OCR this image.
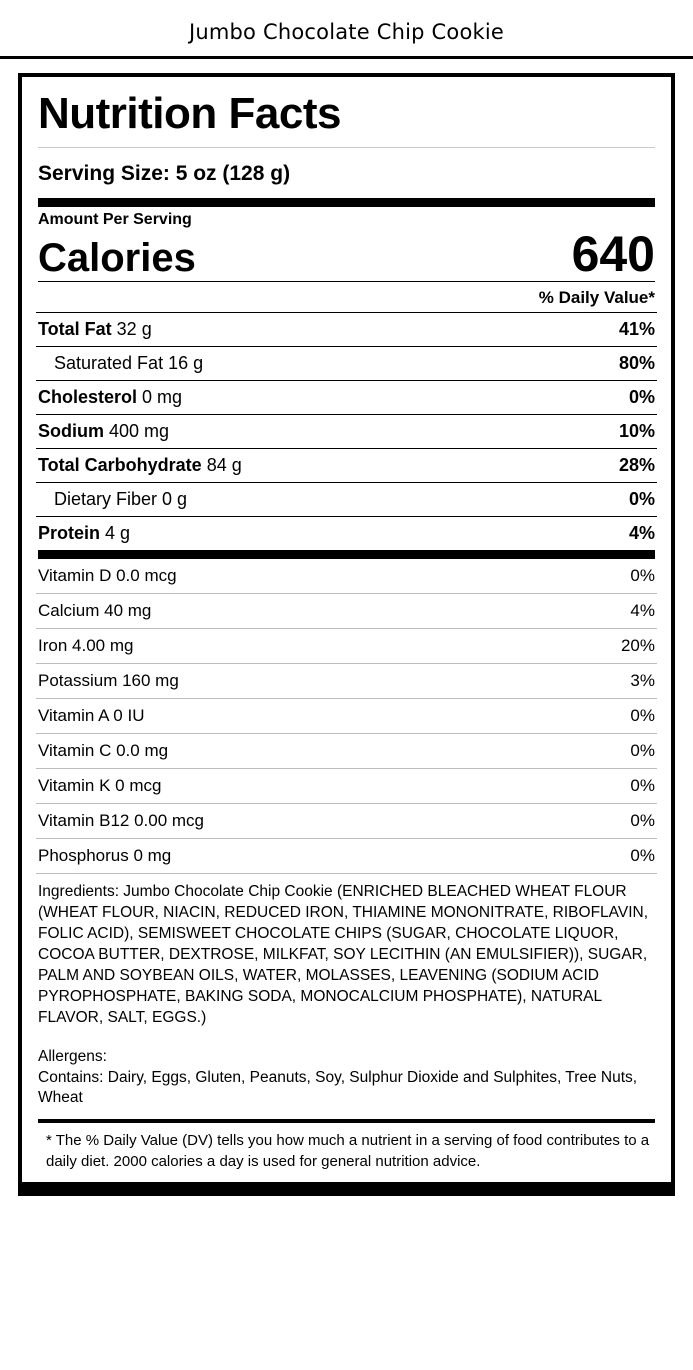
Jumbo Chocolate Chip Cookie
Nutrition Facts
Serving Size: 5 oz (128 g)
Amount Per Serving
Calories	640
% Daily Value*
Total Fat 32 g	41%
Saturated Fat 16 g	80%
Cholesterol 0 mg	0%
Sodium 400 mg	10%
Total Carbohydrate 84 g	28%
Dietary Fiber 0 g	0%
Protein 4 g	4%
Vitamin D 0.0 mcg	0%
Calcium 40 mg	4%
Iron 4.00 mg	20%
Potassium 160 mg	3%
Vitamin A 0 IU	0%
Vitamin C 0.0 mg	0%
Vitamin K 0 mcg	0%
Vitamin B12 0.00 mcg	0%
Phosphorus 0 mg	0%
Ingredients: Jumbo Chocolate Chip Cookie (ENRICHED BLEACHED WHEAT FLOUR (WHEAT FLOUR, NIACIN, REDUCED IRON, THIAMINE MONONITRATE, RIBOFLAVIN, FOLIC ACID), SEMISWEET CHOCOLATE CHIPS (SUGAR, CHOCOLATE LIQUOR, COCOA BUTTER, DEXTROSE, MILKFAT, SOY LECITHIN (AN EMULSIFIER)), SUGAR, PALM AND SOYBEAN OILS, WATER, MOLASSES, LEAVENING (SODIUM ACID PYROPHOSPHATE, BAKING SODA, MONOCALCIUM PHOSPHATE), NATURAL FLAVOR, SALT, EGGS.)
Allergens:
Contains: Dairy, Eggs, Gluten, Peanuts, Soy, Sulphur Dioxide and Sulphites, Tree Nuts, Wheat
* The % Daily Value (DV) tells you how much a nutrient in a serving of food contributes to a daily diet. 2000 calories a day is used for general nutrition advice.
